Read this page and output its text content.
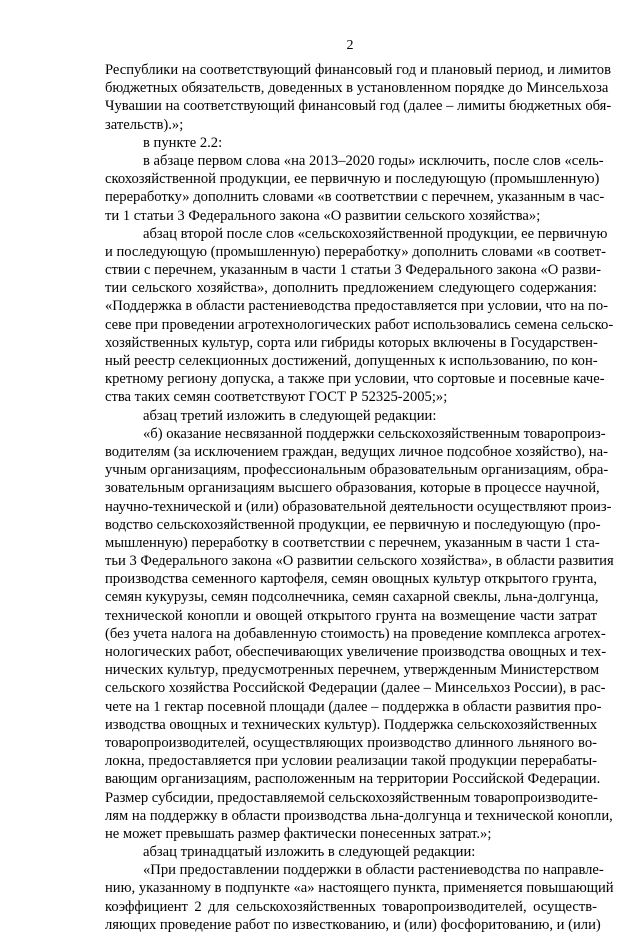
2
Республики на соответствующий финансовый год и плановый период, и лимитов
бюджетных обязательств, доведенных в установленном порядке до Минсельхоза
Чувашии на соответствующий финансовый год (далее – лимиты бюджетных обя-
зательств).»;
в пункте 2.2:
в абзаце первом слова «на 2013–2020 годы» исключить, после слов «сель-
скохозяйственной продукции, ее первичную и последующую (промышленную)
переработку» дополнить словами «в соответствии с перечнем, указанным в час-
ти 1 статьи 3 Федерального закона «О развитии сельского хозяйства»;
абзац второй после слов «сельскохозяйственной продукции, ее первичную
и последующую (промышленную) переработку» дополнить словами «в соответ-
ствии с перечнем, указанным в части 1 статьи 3 Федерального закона «О разви-
тии сельского хозяйства», дополнить предложением следующего содержания:
«Поддержка в области растениеводства предоставляется при условии, что на по-
севе при проведении агротехнологических работ использовались семена сельско-
хозяйственных культур, сорта или гибриды которых включены в Государствен-
ный реестр селекционных достижений, допущенных к использованию, по кон-
кретному региону допуска, а также при условии, что сортовые и посевные каче-
ства таких семян соответствуют ГОСТ Р 52325-2005;»;
абзац третий изложить в следующей редакции:
«б) оказание несвязанной поддержки сельскохозяйственным товаропроиз-
водителям (за исключением граждан, ведущих личное подсобное хозяйство), на-
учным организациям, профессиональным образовательным организациям, обра-
зовательным организациям высшего образования, которые в процессе научной,
научно-технической и (или) образовательной деятельности осуществляют произ-
водство сельскохозяйственной продукции, ее первичную и последующую (про-
мышленную) переработку в соответствии с перечнем, указанным в части 1 ста-
тьи 3 Федерального закона «О развитии сельского хозяйства», в области развития
производства семенного картофеля, семян овощных культур открытого грунта,
семян кукурузы, семян подсолнечника, семян сахарной свеклы, льна-долгунца,
технической конопли и овощей открытого грунта на возмещение части затрат
(без учета налога на добавленную стоимость) на проведение комплекса агротех-
нологических работ, обеспечивающих увеличение производства овощных и тех-
нических культур, предусмотренных перечнем, утвержденным Министерством
сельского хозяйства Российской Федерации (далее – Минсельхоз России), в рас-
чете на 1 гектар посевной площади (далее – поддержка в области развития про-
изводства овощных и технических культур). Поддержка сельскохозяйственных
товаропроизводителей, осуществляющих производство длинного льняного во-
локна, предоставляется при условии реализации такой продукции перерабаты-
вающим организациям, расположенным на территории Российской Федерации.
Размер субсидии, предоставляемой сельскохозяйственным товаропроизводите-
лям на поддержку в области производства льна-долгунца и технической конопли,
не может превышать размер фактически понесенных затрат.»;
абзац тринадцатый изложить в следующей редакции:
«При предоставлении поддержки в области растениеводства по направле-
нию, указанному в подпункте «а» настоящего пункта, применяется повышающий
коэффициент 2 для сельскохозяйственных товаропроизводителей, осуществ-
ляющих проведение работ по известкованию, и (или) фосфоритованию, и (или)
